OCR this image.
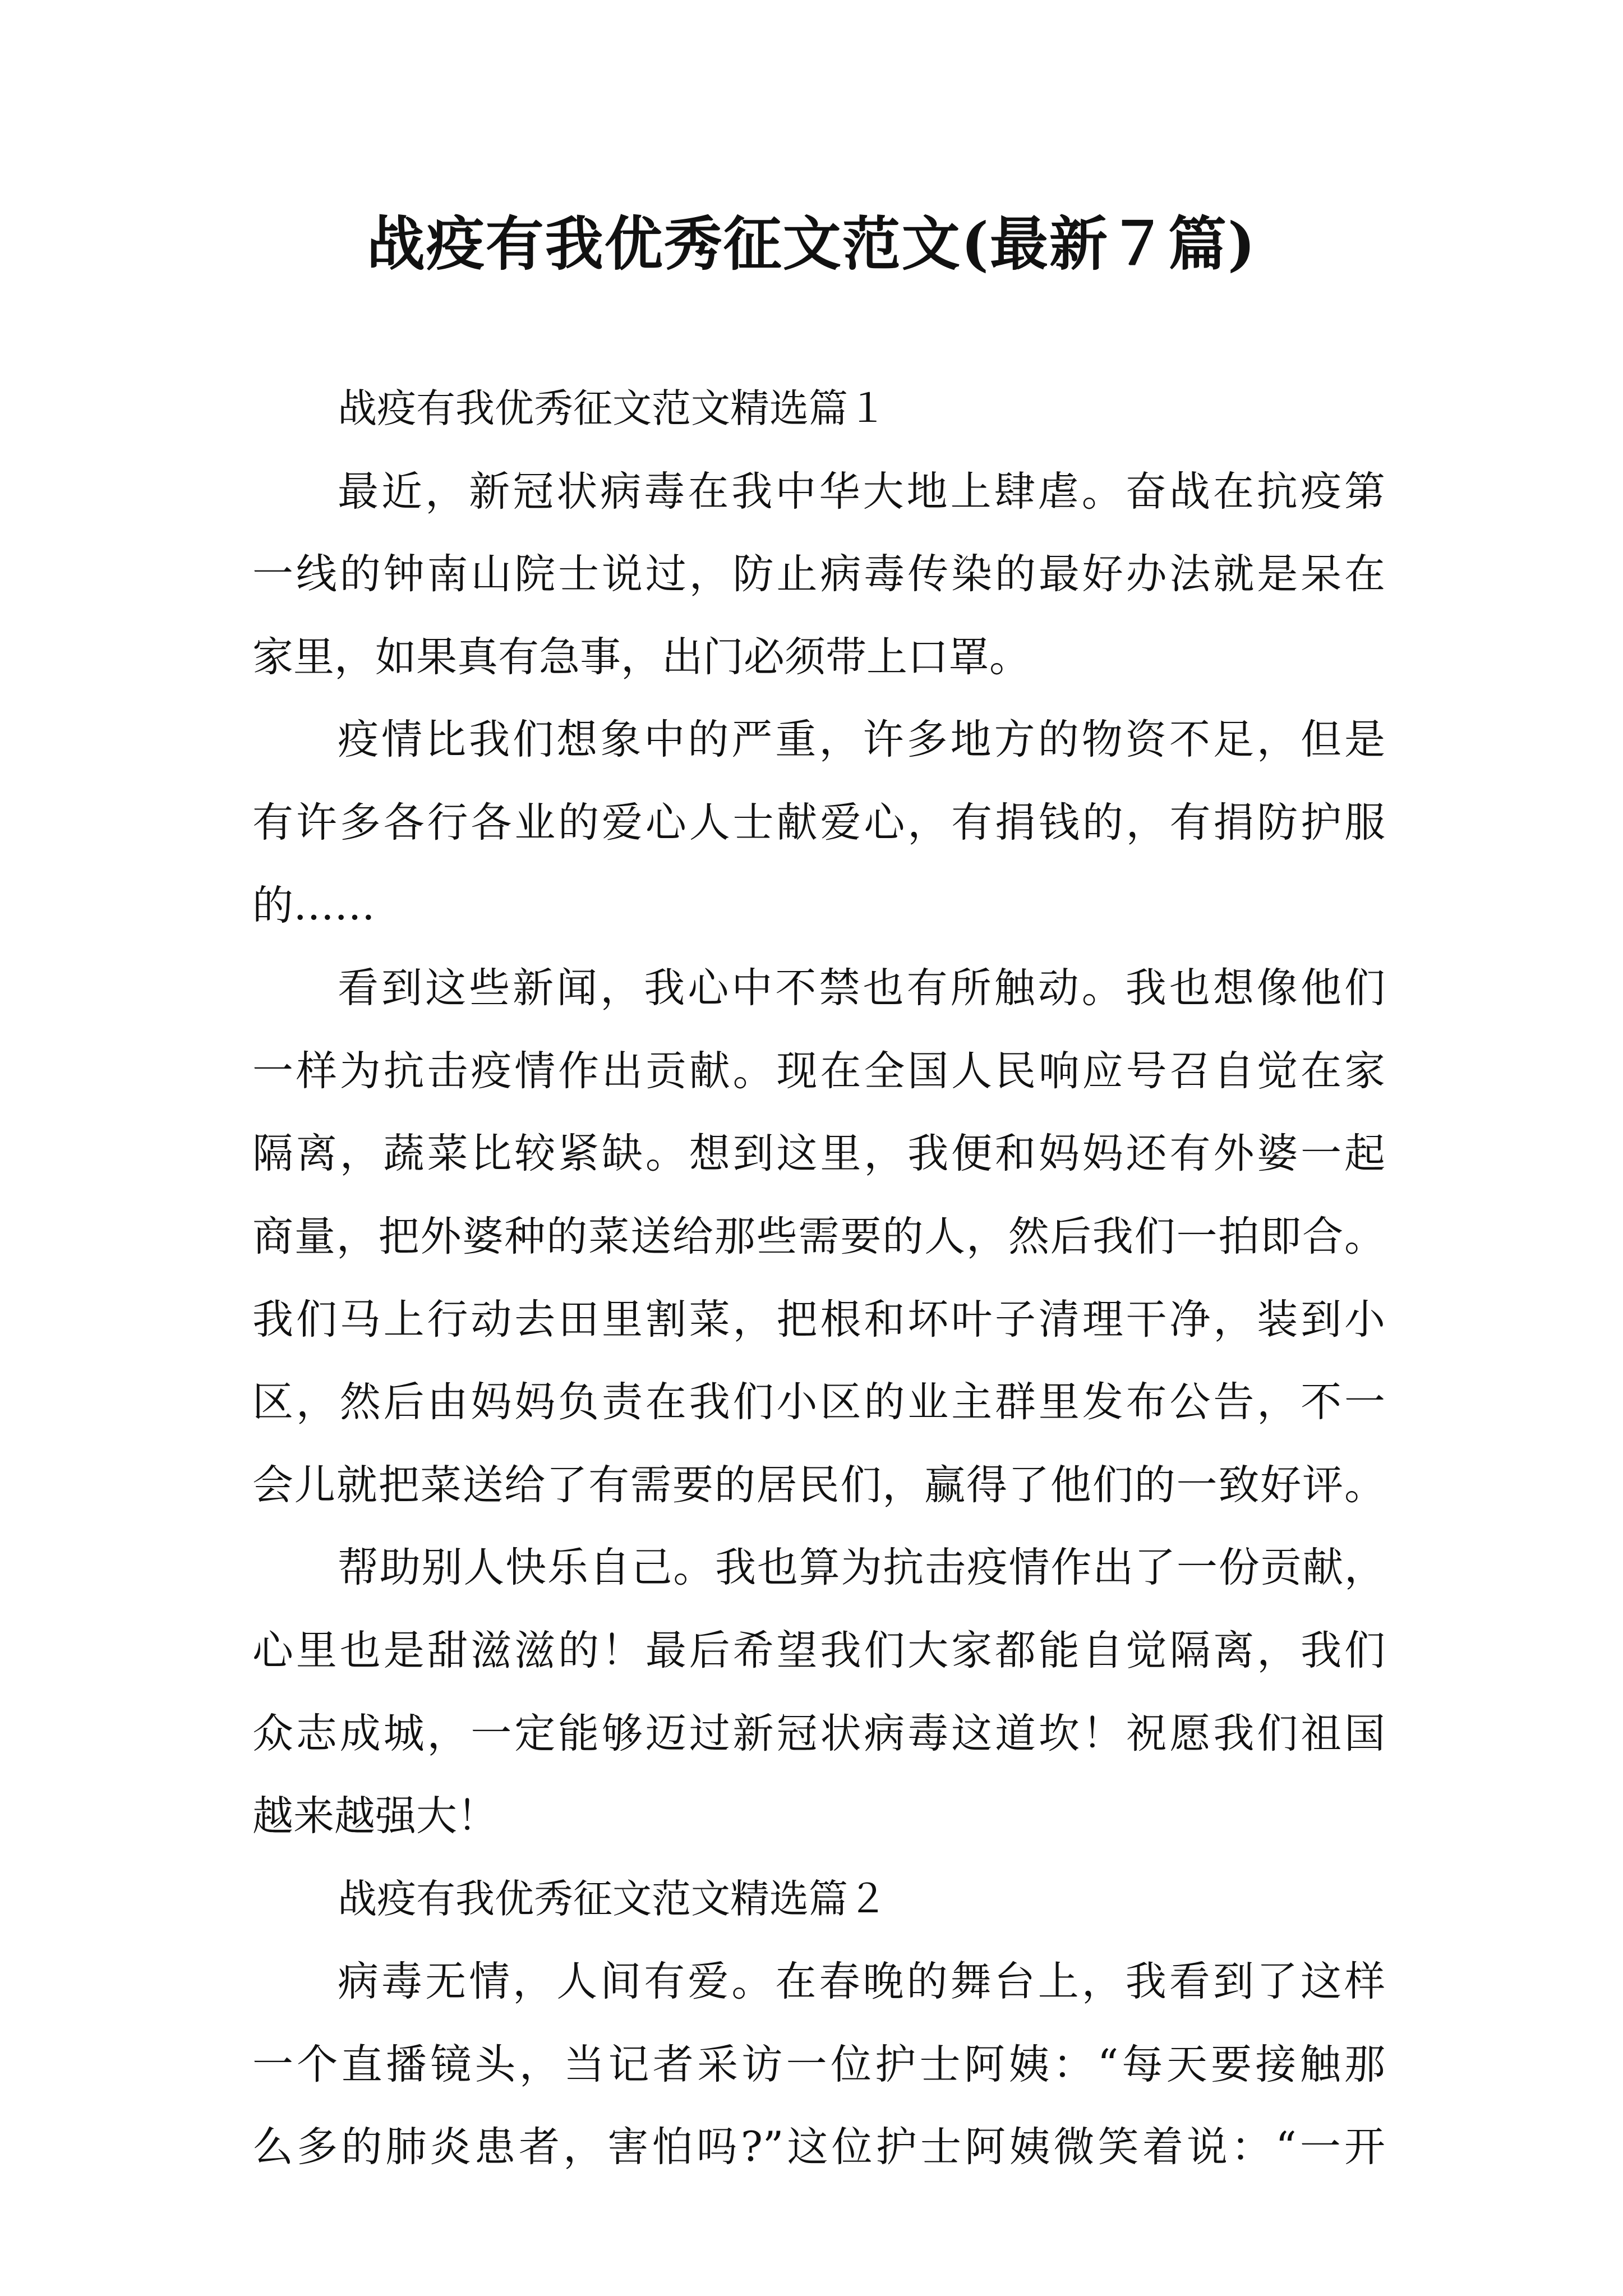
战疫有我优秀征文范文(最新７篇)
战疫有我优秀征文范文精选篇１
最近，新冠状病毒在我中华大地上肆虐。奋战在抗疫第
一线的钟南山院士说过，防止病毒传染的最好办法就是呆在
家里，如果真有急事，出门必须带上口罩。
疫情比我们想象中的严重，许多地方的物资不足，但是
有许多各行各业的爱心人士献爱心，有捐钱的，有捐防护服
的……
看到这些新闻，我心中不禁也有所触动。我也想像他们
一样为抗击疫情作出贡献。现在全国人民响应号召自觉在家
隔离，蔬菜比较紧缺。想到这里，我便和妈妈还有外婆一起
商量，把外婆种的菜送给那些需要的人，然后我们一拍即合。
我们马上行动去田里割菜，把根和坏叶子清理干净，装到小
区，然后由妈妈负责在我们小区的业主群里发布公告，不一
会儿就把菜送给了有需要的居民们，赢得了他们的一致好评。
帮助别人快乐自己。我也算为抗击疫情作出了一份贡献，
心里也是甜滋滋的！最后希望我们大家都能自觉隔离，我们
众志成城，一定能够迈过新冠状病毒这道坎！祝愿我们祖国
越来越强大！
战疫有我优秀征文范文精选篇２
病毒无情，人间有爱。在春晚的舞台上，我看到了这样
一个直播镜头，当记者采访一位护士阿姨：“每天要接触那
么多的肺炎患者，害怕吗?”这位护士阿姨微笑着说：“一开
